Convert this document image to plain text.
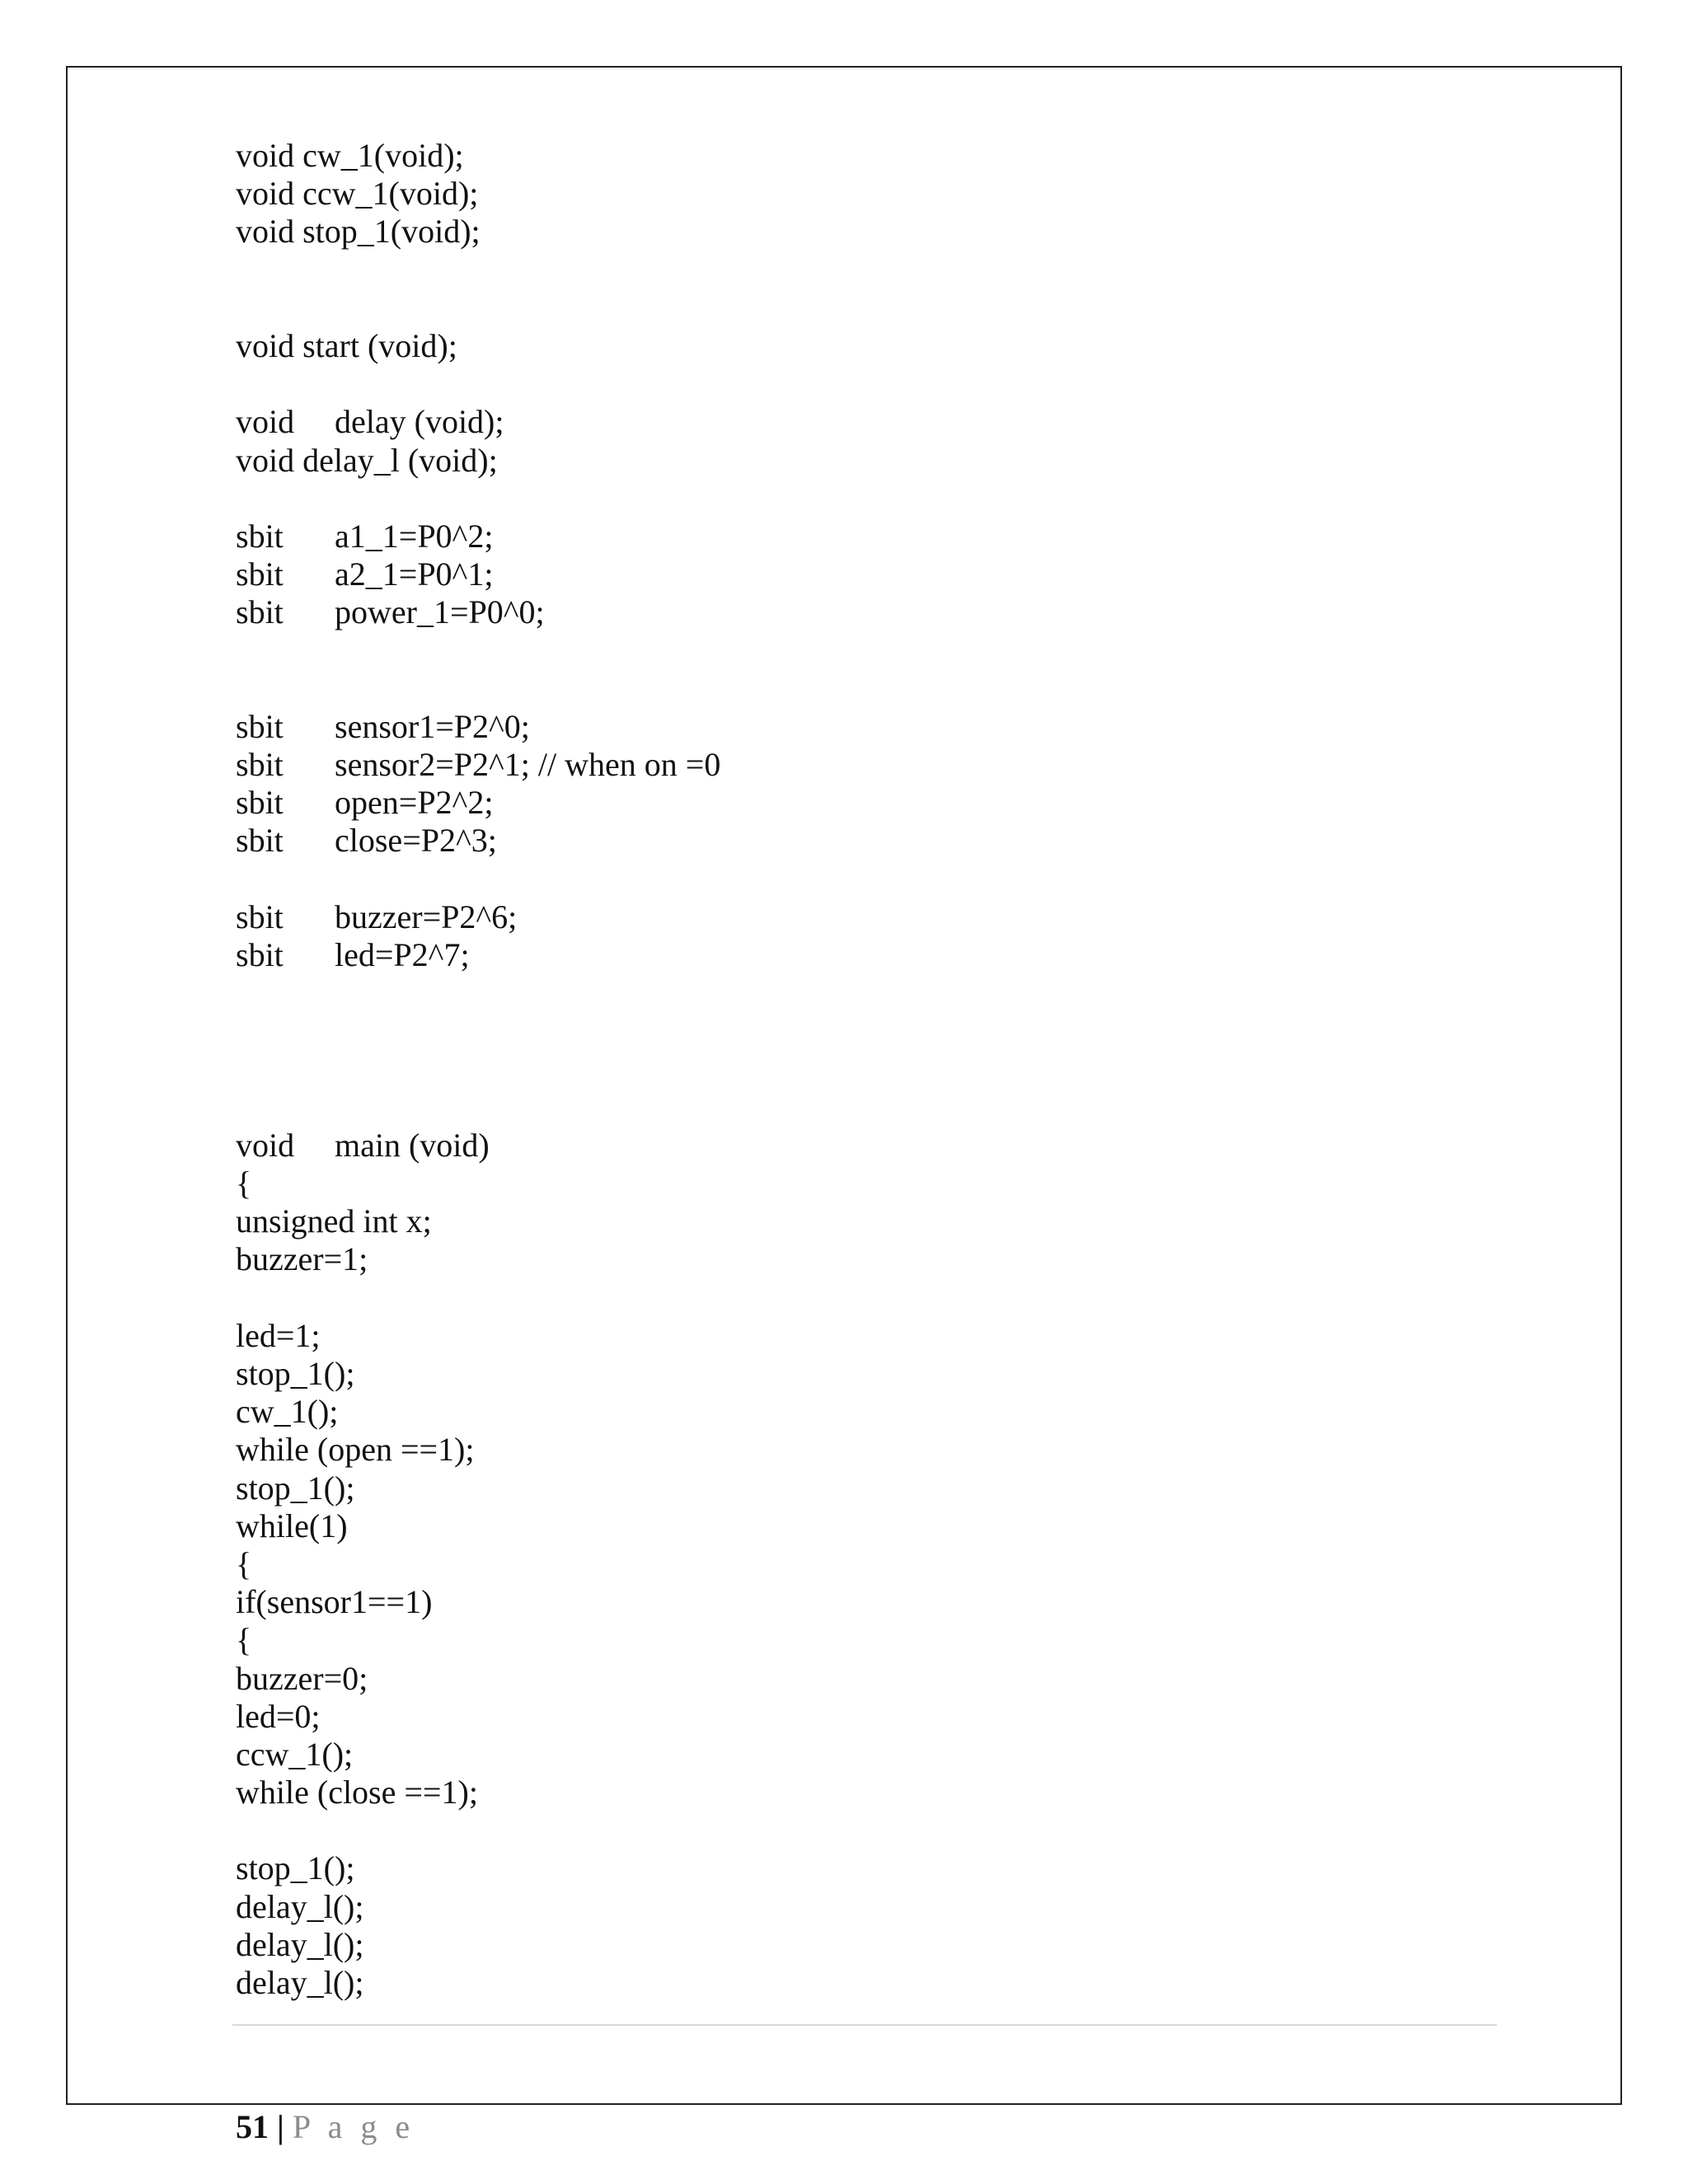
void cw_1(void);
void ccw_1(void);
void stop_1(void);
void start (void);
void	delay (void);
void delay_l (void);
sbit	a1_1=P0^2;
sbit	a2_1=P0^1;
sbit	power_1=P0^0;
sbit	sensor1=P2^0;
sbit	sensor2=P2^1; // when on =0
sbit	open=P2^2;
sbit	close=P2^3;
sbit	buzzer=P2^6;
sbit	led=P2^7;
void	main (void)
{
unsigned int x;
buzzer=1;
led=1;
stop_1();
cw_1();
while (open ==1);
stop_1();
while(1)
{
if(sensor1==1)
{
buzzer=0;
led=0;
ccw_1();
while (close ==1);
stop_1();
delay_l();
delay_l();
delay_l();
51 | P a g e
